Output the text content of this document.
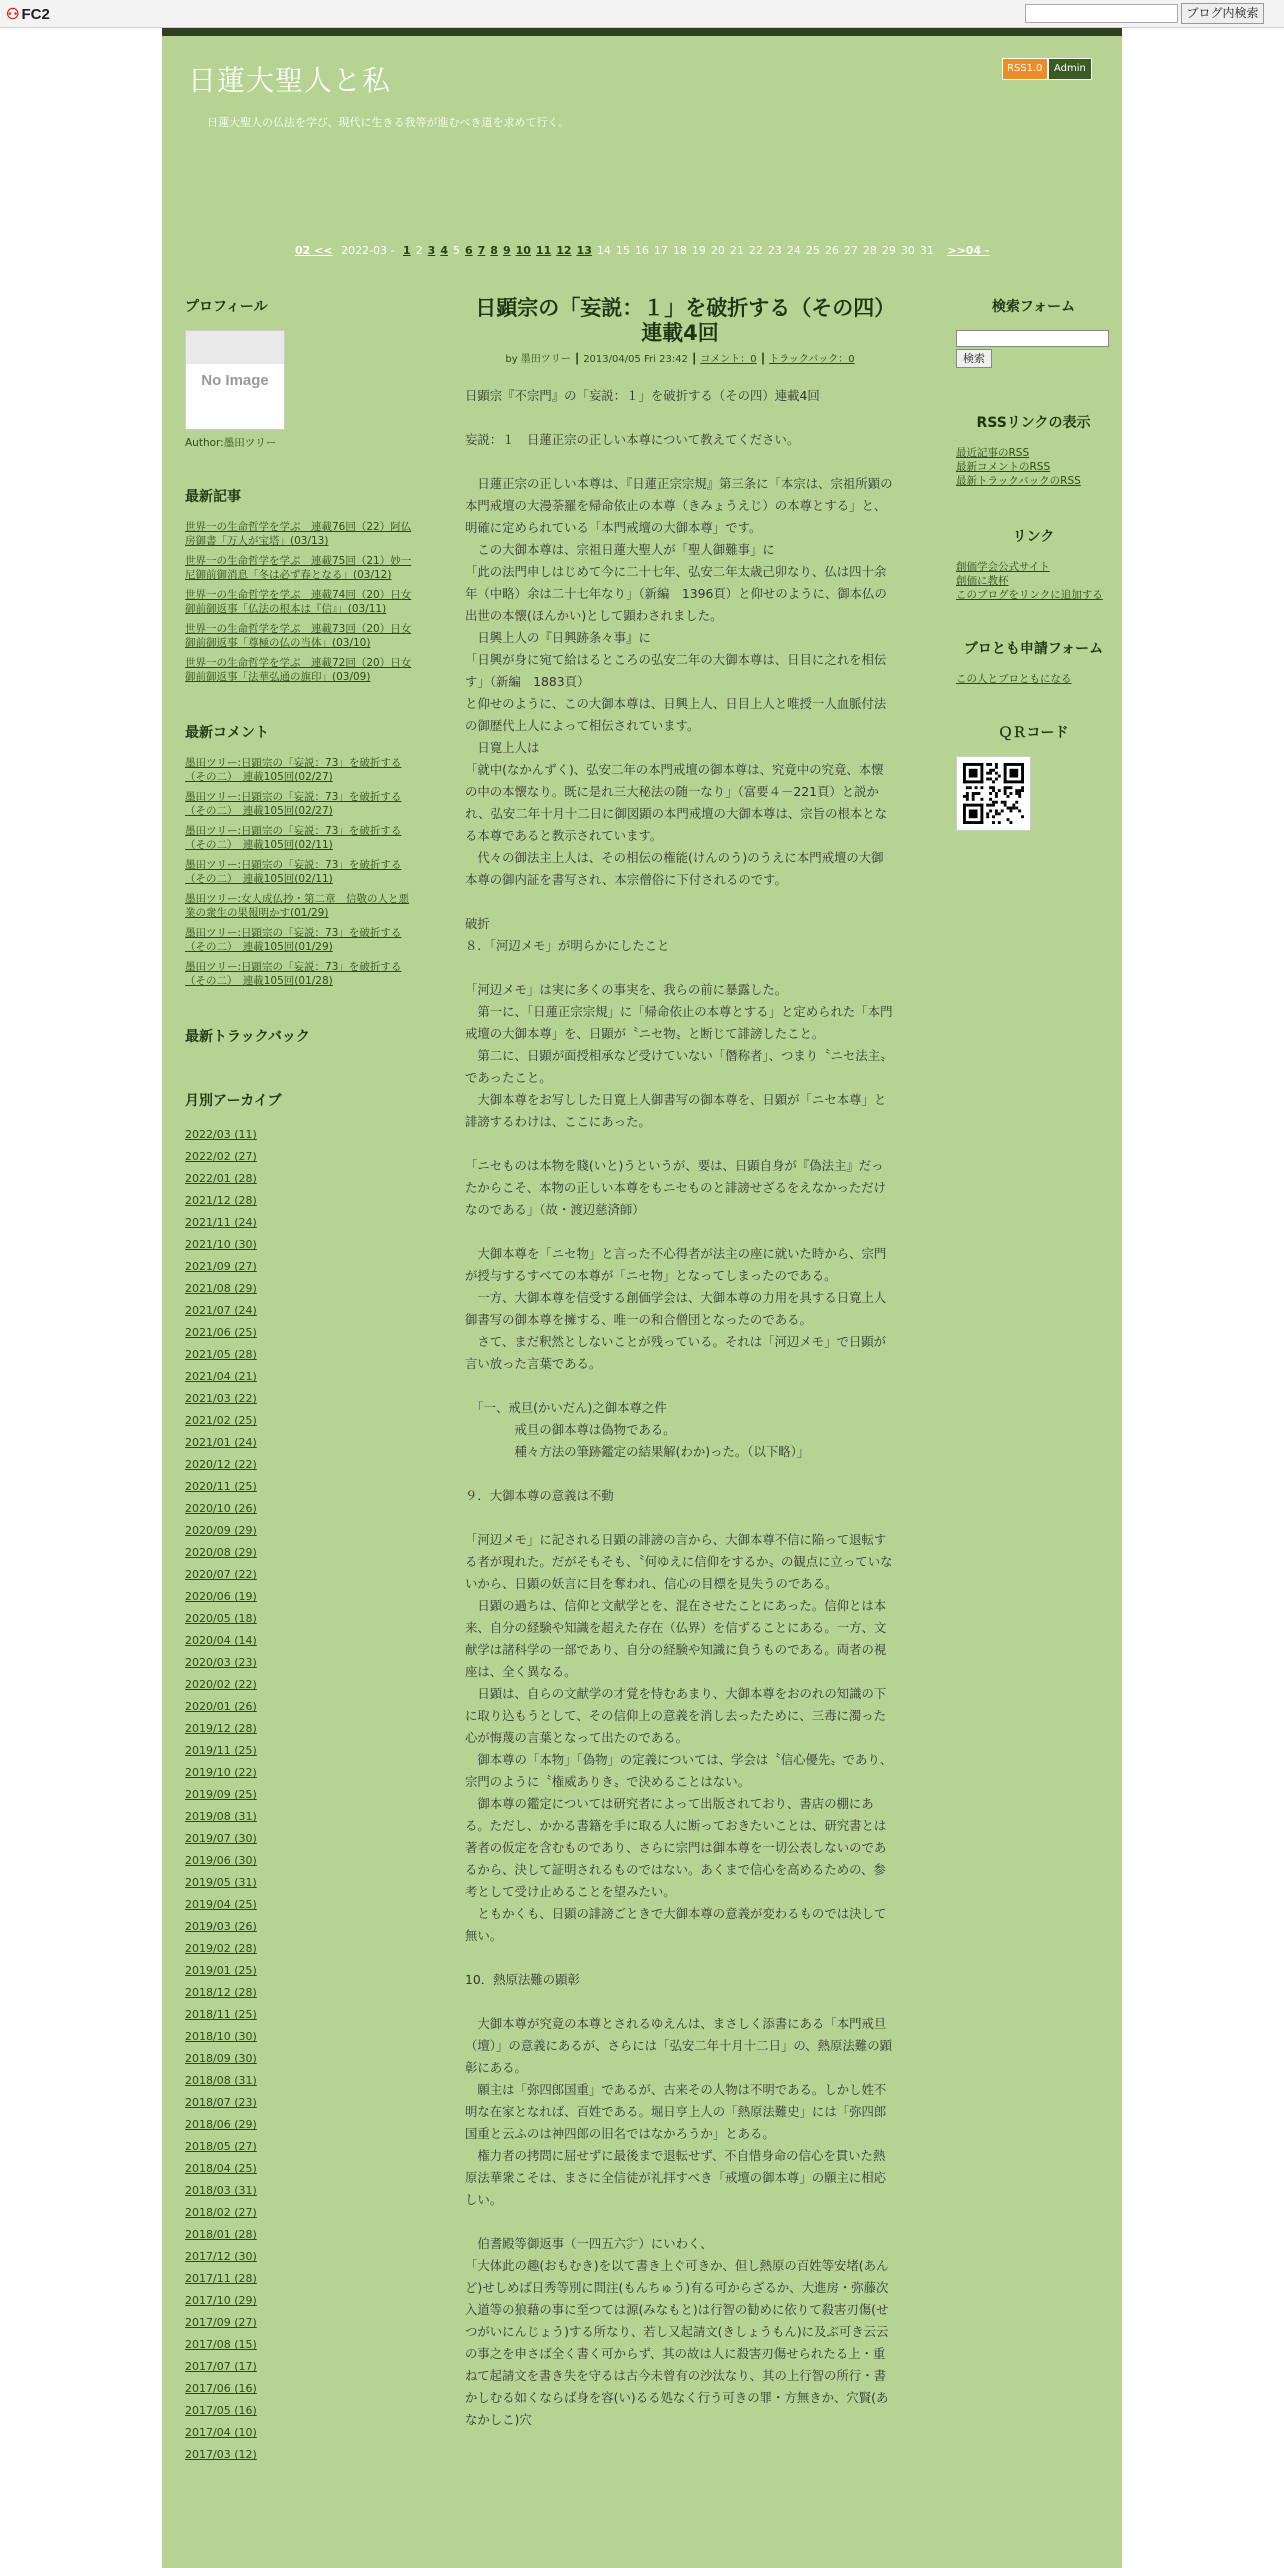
⚇ FC2	ブログ内検索
日蓮大聖人と私
日蓮大聖人の仏法を学び、現代に生きる我等が進むべき道を求めて行く。
RSS1.0	Admin
02 << 2022-03 - 1 2 3 4 5 6 7 8 9 10 11 12 13 14 15 16 17 18 19 20 21 22 23 24 25 26 27 28 29 30 31 >>04 -
プロフィール
No Image
Author:墨田ツリー
最新記事
世界一の生命哲学を学ぶ　連載76回（22）阿仏房御書「万人が宝塔」(03/13)
世界一の生命哲学を学ぶ　連載75回（21）妙一尼御前御消息「冬は必ず春となる」(03/12)
世界一の生命哲学を学ぶ　連載74回（20）日女御前御返事「仏法の根本は『信』」(03/11)
世界一の生命哲学を学ぶ　連載73回（20）日女御前御返事「尊極の仏の当体」(03/10)
世界一の生命哲学を学ぶ　連載72回（20）日女御前御返事「法華弘通の旗印」(03/09)
最新コメント
墨田ツリー:日顕宗の「妄説：73」を破折する（その二）　連載105回(02/27)
墨田ツリー:日顕宗の「妄説：73」を破折する（その二）　連載105回(02/27)
墨田ツリー:日顕宗の「妄説：73」を破折する（その二）　連載105回(02/11)
墨田ツリー:日顕宗の「妄説：73」を破折する（その二）　連載105回(02/11)
墨田ツリー:女人成仏抄・第二章　信敬の人と悪業の衆生の果報明かす(01/29)
墨田ツリー:日顕宗の「妄説：73」を破折する（その二）　連載105回(01/29)
墨田ツリー:日顕宗の「妄説：73」を破折する（その二）　連載105回(01/28)
最新トラックバック
月別アーカイブ
2022/03 (11)
2022/02 (27)
2022/01 (28)
2021/12 (28)
2021/11 (24)
2021/10 (30)
2021/09 (27)
2021/08 (29)
2021/07 (24)
2021/06 (25)
2021/05 (28)
2021/04 (21)
2021/03 (22)
2021/02 (25)
2021/01 (24)
2020/12 (22)
2020/11 (25)
2020/10 (26)
2020/09 (29)
2020/08 (29)
2020/07 (22)
2020/06 (19)
2020/05 (18)
2020/04 (14)
2020/03 (23)
2020/02 (22)
2020/01 (26)
2019/12 (28)
2019/11 (25)
2019/10 (22)
2019/09 (25)
2019/08 (31)
2019/07 (30)
2019/06 (30)
2019/05 (31)
2019/04 (25)
2019/03 (26)
2019/02 (28)
2019/01 (25)
2018/12 (28)
2018/11 (25)
2018/10 (30)
2018/09 (30)
2018/08 (31)
2018/07 (23)
2018/06 (29)
2018/05 (27)
2018/04 (25)
2018/03 (31)
2018/02 (27)
2018/01 (28)
2017/12 (30)
2017/11 (28)
2017/10 (29)
2017/09 (27)
2017/08 (15)
2017/07 (17)
2017/06 (16)
2017/05 (16)
2017/04 (10)
2017/03 (12)
日顕宗の「妄説：１」を破折する（その四）　連載4回
by 墨田ツリー ┃ 2013/04/05 Fri 23:42 ┃ コメント：0 ┃ トラックバック：0

日顕宗『不宗門』の「妄説：１」を破折する（その四）連載4回

妄説：１　日蓮正宗の正しい本尊について教えてください。

　日蓮正宗の正しい本尊は、『日蓮正宗宗規』第三条に「本宗は、宗祖所顕の本門戒壇の大漫荼羅を帰命依止の本尊（きみょうえじ）の本尊とする」と、明確に定められている「本門戒壇の大御本尊」です。

　この大御本尊は、宗祖日蓮大聖人が「聖人御難事」に

「此の法門申しはじめて今に二十七年、弘安二年太歳己卯なり、仏は四十余年（中略）余は二十七年なり」（新編　1396頁）と仰せのように、御本仏の出世の本懐(ほんかい)として顕わされました。

　日興上人の『日興跡条々事』に

「日興が身に宛て給はるところの弘安二年の大御本尊は、日目に之れを相伝す」（新編　1883頁）

と仰せのように、この大御本尊は、日興上人、日目上人と唯授一人血脈付法の御歴代上人によって相伝されています。

　日寛上人は

「就中(なかんずく)、弘安二年の本門戒壇の御本尊は、究竟中の究竟、本懐の中の本懐なり。既に是れ三大秘法の随一なり」（富要４－221頁）と説かれ、弘安二年十月十二日に御図顕の本門戒壇の大御本尊は、宗旨の根本となる本尊であると教示されています。

　代々の御法主上人は、その相伝の権能(けんのう)のうえに本門戒壇の大御本尊の御内証を書写され、本宗僧俗に下付されるのです。

破折

８．「河辺メモ」が明らかにしたこと

「河辺メモ」は実に多くの事実を、我らの前に暴露した。

　第一に、「日蓮正宗宗規」に「帰命依止の本尊とする」と定められた「本門戒壇の大御本尊」を、日顕が〝ニセ物〟と断じて誹謗したこと。

　第二に、日顕が面授相承など受けていない「僭称者」、つまり〝ニセ法主〟であったこと。

　大御本尊をお写しした日寛上人御書写の御本尊を、日顕が「ニセ本尊」と誹謗するわけは、ここにあった。

「ニセものは本物を賤(いと)うというが、要は、日顕自身が『偽法主』だったからこそ、本物の正しい本尊をもニセものと誹謗せざるをえなかっただけなのである」（故・渡辺慈済師）

　大御本尊を「ニセ物」と言った不心得者が法主の座に就いた時から、宗門が授与するすべての本尊が「ニセ物」となってしまったのである。

　一方、大御本尊を信受する創価学会は、大御本尊の力用を具する日寛上人御書写の御本尊を擁する、唯一の和合僧団となったのである。

　さて、まだ釈然としないことが残っている。それは「河辺メモ」で日顕が言い放った言葉である。

　「一、戒旦(かいだん)之御本尊之件

　　　　戒旦の御本尊は偽物である。

　　　　種々方法の筆跡鑑定の結果解(わか)った。（以下略）」

９．大御本尊の意義は不動

「河辺メモ」に記される日顕の誹謗の言から、大御本尊不信に陥って退転する者が現れた。だがそもそも、〝何ゆえに信仰をするか〟の観点に立っていないから、日顕の妖言に目を奪われ、信心の目標を見失うのである。

　日顕の過ちは、信仰と文献学とを、混在させたことにあった。信仰とは本来、自分の経験や知識を超えた存在（仏界）を信ずることにある。一方、文献学は諸科学の一部であり、自分の経験や知識に負うものである。両者の視座は、全く異なる。

　日顕は、自らの文献学の才覚を恃むあまり、大御本尊をおのれの知識の下に取り込もうとして、その信仰上の意義を消し去ったために、三毒に濁った心が悔蔑の言葉となって出たのである。

　御本尊の「本物」「偽物」の定義については、学会は〝信心優先〟であり、宗門のように〝権威ありき〟で決めることはない。

　御本尊の鑑定については研究者によって出版されており、書店の棚にある。ただし、かかる書籍を手に取る人に断っておきたいことは、研究書とは著者の仮定を含むものであり、さらに宗門は御本尊を一切公表しないのであるから、決して証明されるものではない。あくまで信心を高めるための、参考として受け止めることを望みたい。

　ともかくも、日顕の誹謗ごときで大御本尊の意義が変わるものでは決して無い。

10．熱原法難の顕彰

　大御本尊が究竟の本尊とされるゆえんは、まさしく添書にある「本門戒旦（壇）」の意義にあるが、さらには「弘安二年十月十二日」の、熱原法難の顕彰にある。

　願主は「弥四郎国重」であるが、古来その人物は不明である。しかし姓不明な在家となれば、百姓である。堀日亨上人の「熱原法難史」には「弥四郎国重と云ふのは神四郎の旧名ではなかろうか」とある。

　権力者の拷問に屈せずに最後まで退転せず、不自惜身命の信心を貫いた熱原法華衆こそは、まさに全信徒が礼拝すべき「戒壇の御本尊」の願主に相応しい。

　伯耆殿等御返事（一四五六㌻）にいわく、

「大体此の趣(おもむき)を以て書き上ぐ可きか、但し熱原の百姓等安堵(あんど)せしめば日秀等別に問注(もんちゅう)有る可からざるか、大進房・弥藤次入道等の狼藉の事に至つては源(みなもと)は行智の勧めに依りて殺害刃傷(せつがいにんじょう)する所なり、若し又起請文(きしょうもん)に及ぶ可き云云の事之を申さば全く書く可からず、其の故は人に殺害刃傷せられたる上・重ねて起請文を書き失を守るは古今未曾有の沙汰なり、其の上行智の所行・書かしむる如くならば身を容(い)るる処なく行う可きの罪・方無きか、穴賢(あなかしこ)穴

検索フォーム
検索
RSSリンクの表示
最近記事のRSS
最新コメントのRSS
最新トラックバックのRSS
リンク
創価学会公式サイト
創価に教杯
このブログをリンクに追加する
ブロとも申請フォーム
この人とブロともになる
ＱＲコード
